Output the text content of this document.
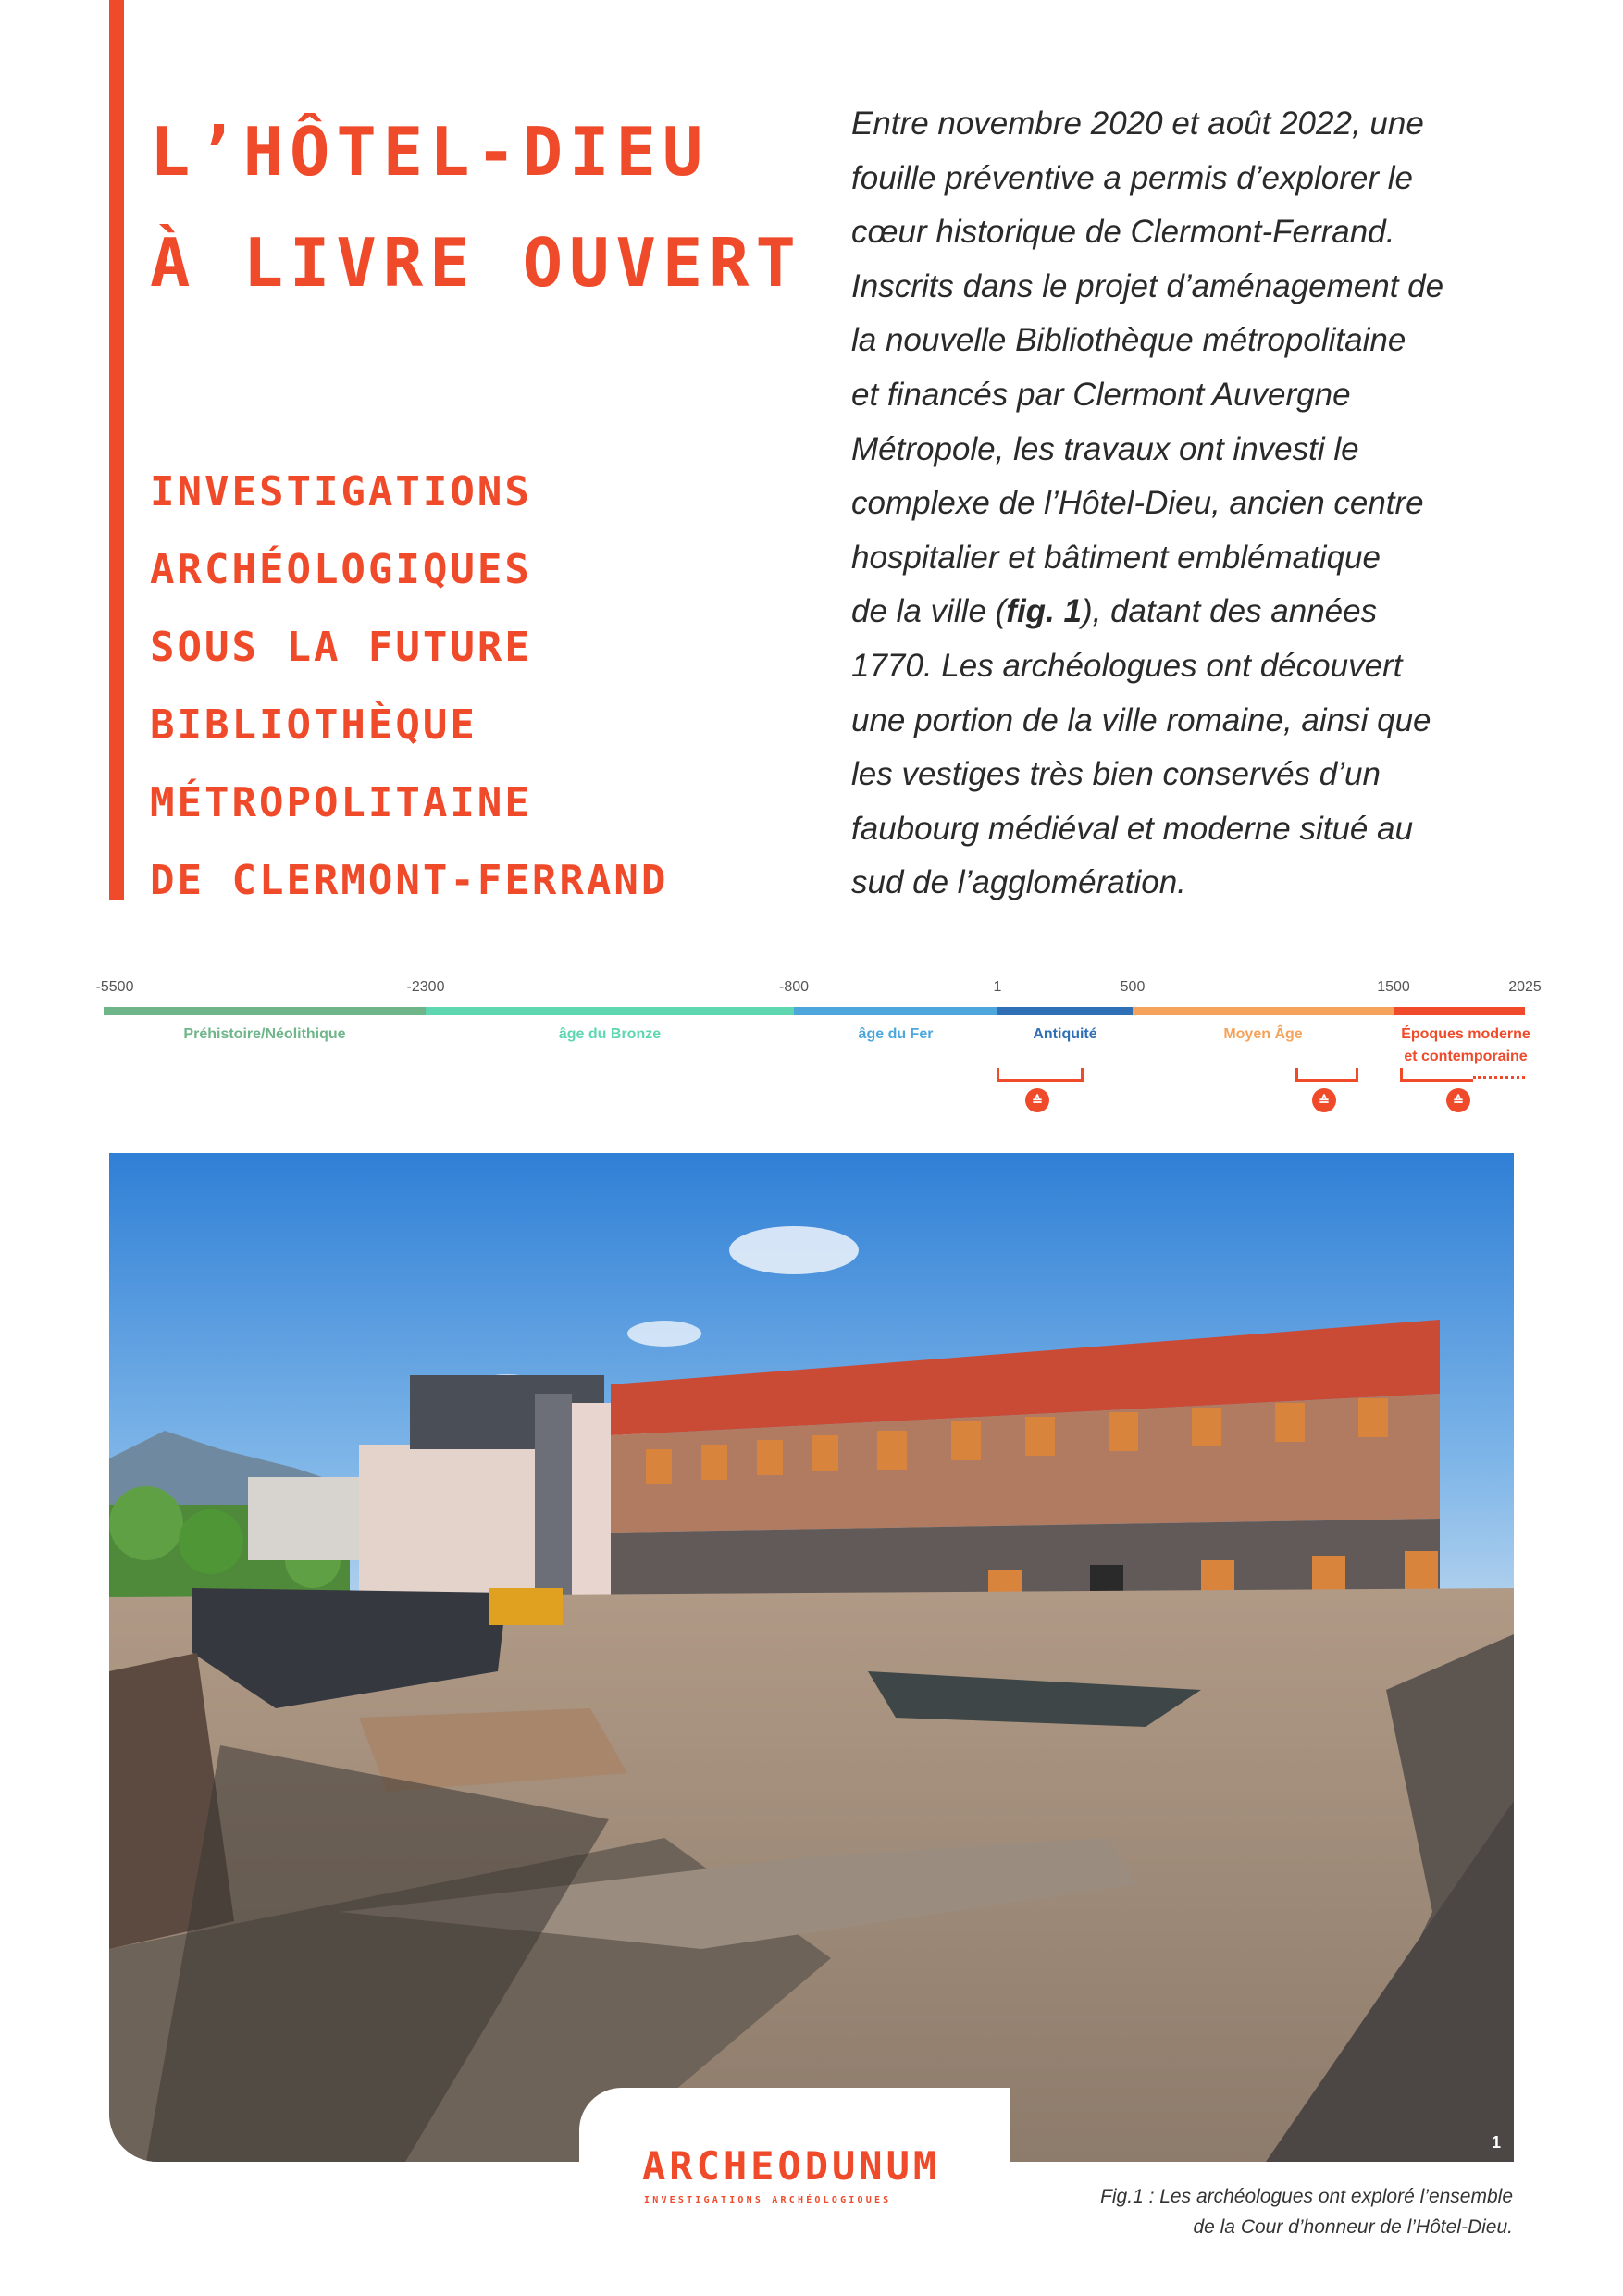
L’HÔTEL-DIEU
À LIVRE OUVERT
INVESTIGATIONS
ARCHÉOLOGIQUES
SOUS LA FUTURE
BIBLIOTHÈQUE
MÉTROPOLITAINE
DE CLERMONT-FERRAND

Entre novembre 2020 et août 2022, une
fouille préventive a permis d’explorer le
cœur historique de Clermont-Ferrand.
Inscrits dans le projet d’aménagement de
la nouvelle Bibliothèque métropolitaine
et financés par Clermont Auvergne
Métropole, les travaux ont investi le
complexe de l’Hôtel-Dieu, ancien centre
hospitalier et bâtiment emblématique
de la ville (fig. 1), datant des années
1770. Les archéologues ont découvert
une portion de la ville romaine, ainsi que
les vestiges très bien conservés d’un
faubourg médiéval et moderne situé au
sud de l’agglomération.

-5500	-2300	-800	1	500	1500	2025
Préhistoire/Néolithique	âge du Bronze	âge du Fer	Antiquité	Moyen Âge	Époques moderne
et contemporaine
≙	≙	≙
1
ARCHEODUNUM
INVESTIGATIONS ARCHÉOLOGIQUES	Fig.1 : Les archéologues ont exploré l’ensemble
de la Cour d’honneur de l’Hôtel-Dieu.
